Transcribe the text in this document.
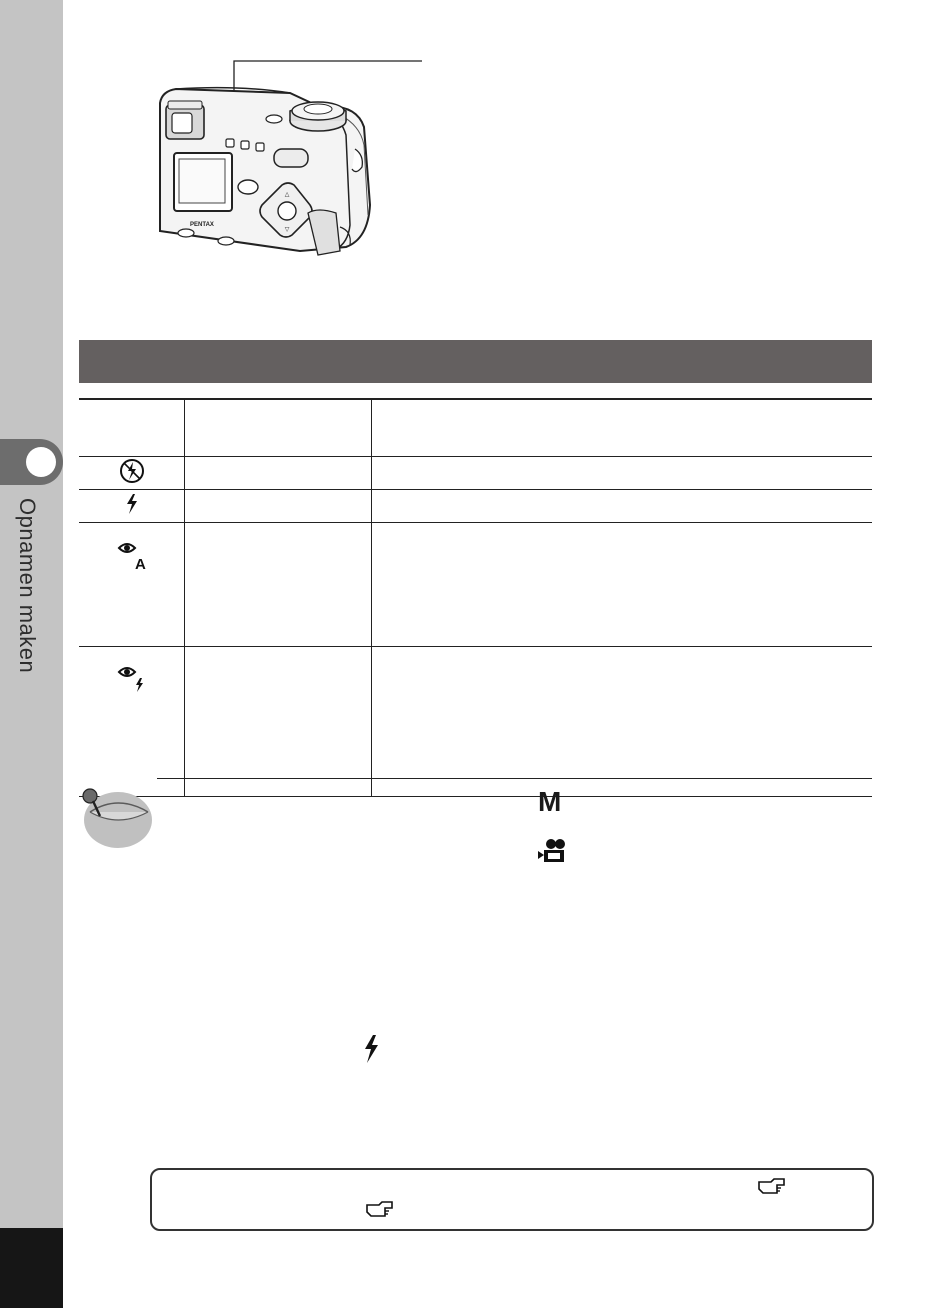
Opnamen maken
△
▽
PENTAX

A		

M
